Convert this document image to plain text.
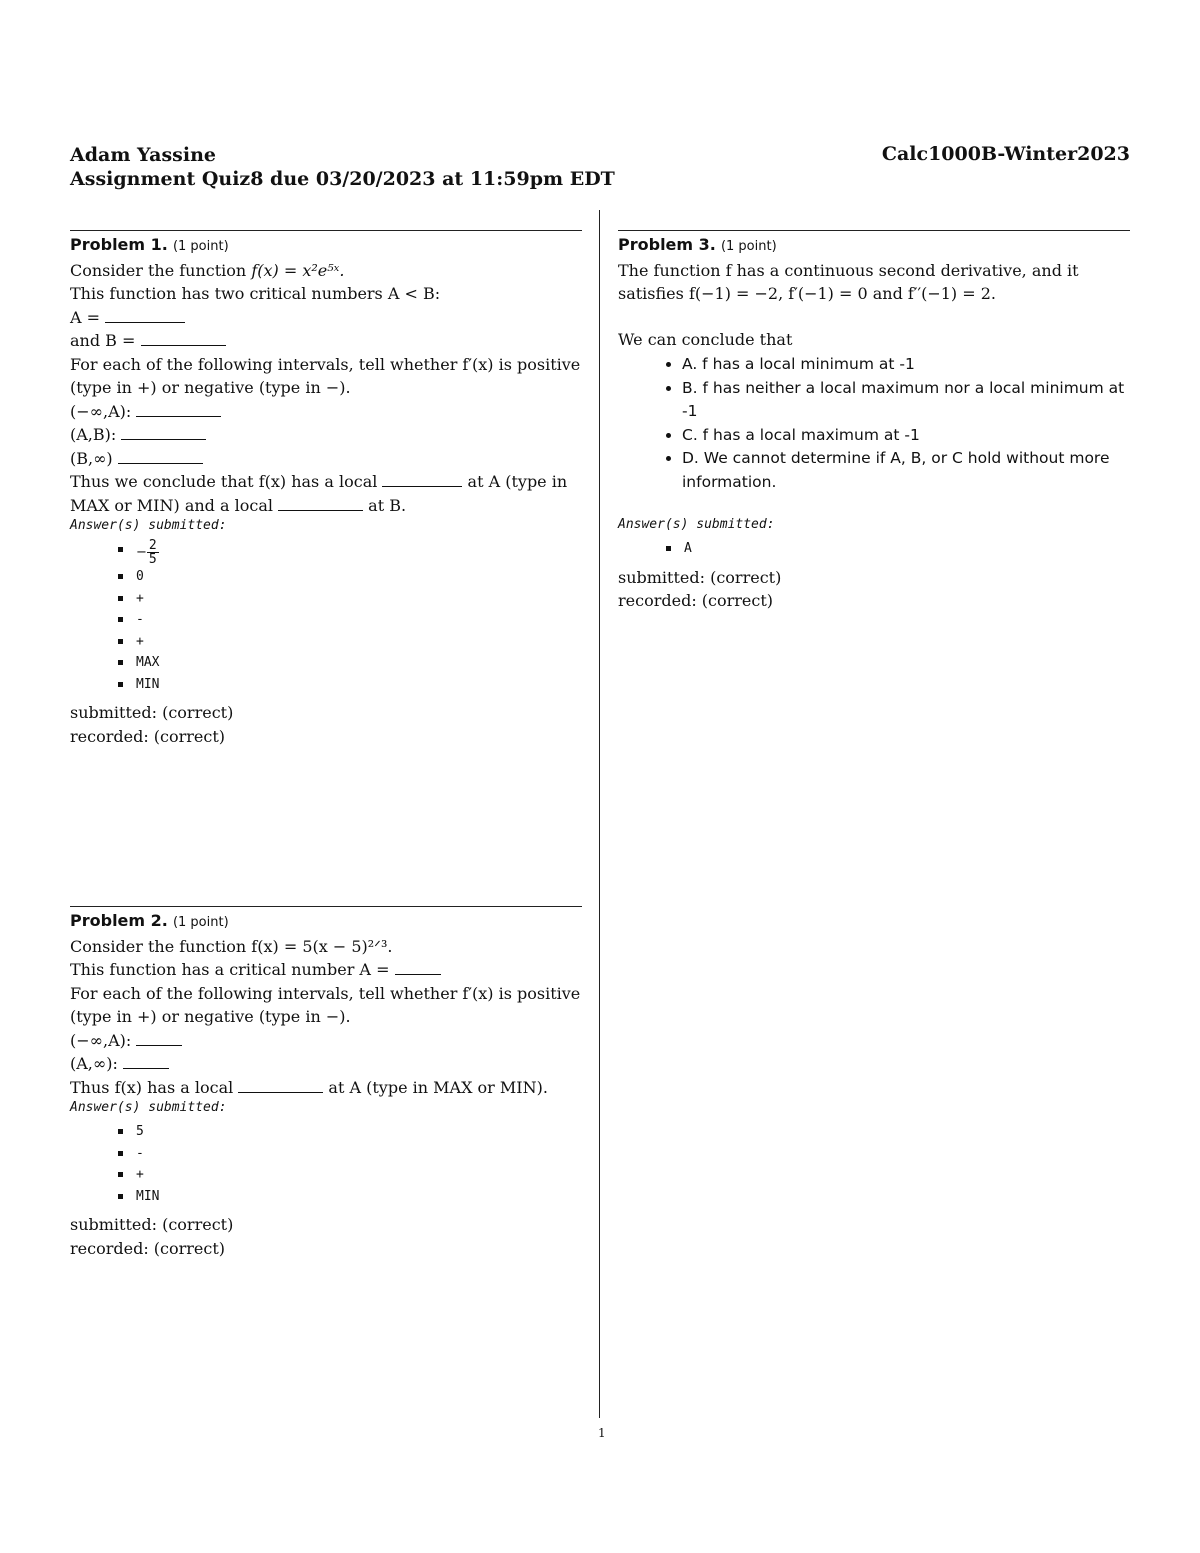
Adam Yassine
Assignment Quiz8 due 03/20/2023 at 11:59pm EDT
Calc1000B-Winter2023
Problem 1. (1 point)
Consider the function f(x) = x²e⁵ˣ.
This function has two critical numbers A < B:
A =
and B =
For each of the following intervals, tell whether f′(x) is positive (type in +) or negative (type in −).
(−∞,A):
(A,B):
(B,∞)
Thus we conclude that f(x) has a local	at A (type in MAX or MIN) and a local	at B.
Answer(s) submitted:
− $\frac{2}{5}$
0
+
-
+
MAX
MIN
submitted: (correct)
recorded: (correct)
Problem 2. (1 point)
Consider the function f(x) = 5(x − 5)²ᐟ³.
This function has a critical number A =
For each of the following intervals, tell whether f′(x) is positive (type in +) or negative (type in −).
(−∞,A):
(A,∞):
Thus f(x) has a local	at A (type in MAX or MIN).
Answer(s) submitted:
5
-
+
MIN
submitted: (correct)
recorded: (correct)
Problem 3. (1 point)
The function f has a continuous second derivative, and it satisfies f(−1) = −2, f′(−1) = 0 and f′′(−1) = 2.
We can conclude that
• A. f has a local minimum at -1
• B. f has neither a local maximum nor a local minimum at -1
• C. f has a local maximum at -1
• D. We cannot determine if A, B, or C hold without more information.
Answer(s) submitted:
A
submitted: (correct)
recorded: (correct)
1
